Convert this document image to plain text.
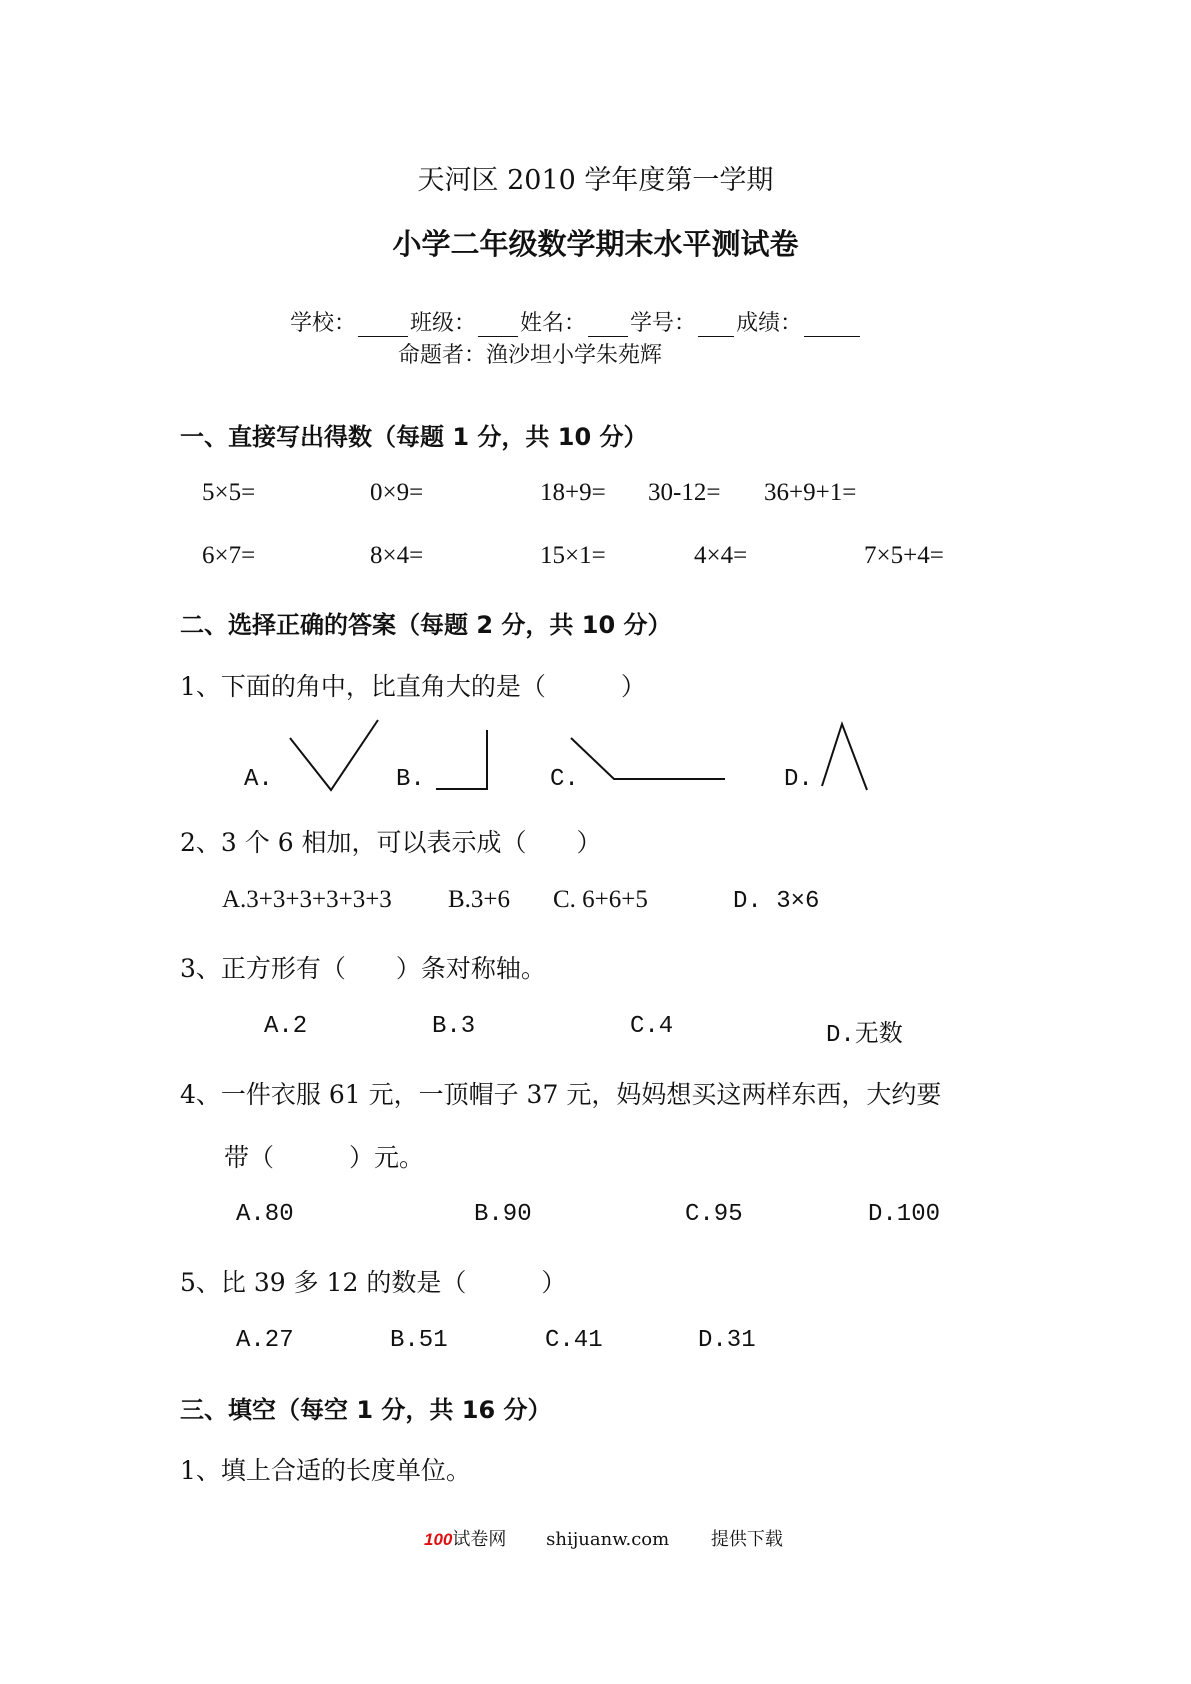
天河区 2010 学年度第一学期
小学二年级数学期末水平测试卷
学校： 班级： 姓名： 学号： 成绩：
命题者：渔沙坦小学朱苑辉
一、直接写出得数（每题 1 分，共 10 分）
5×5=	0×9=	18+9= 30-12= 36+9+1=
6×7=	8×4=	15×1=	4×4=	7×5+4=
二、选择正确的答案（每题 2 分，共 10 分）
1、下面的角中，比直角大的是（　　　）
A.	B.	C.	D.
2、3 个 6 相加，可以表示成（　　）
A.3+3+3+3+3+3 B.3+6 C. 6+6+5	D. 3×6
3、正方形有（　　）条对称轴。
A.2	B.3	C.4	D.无数
4、一件衣服 61 元，一顶帽子 37 元，妈妈想买这两样东西，大约要
带（　　　）元。
A.80	B.90	C.95	D.100
5、比 39 多 12 的数是（　　　）
A.27	B.51	C.41	D.31
三、填空（每空 1 分，共 16 分）
1、填上合适的长度单位。
100试卷网 shijuanw.com 提供下载
